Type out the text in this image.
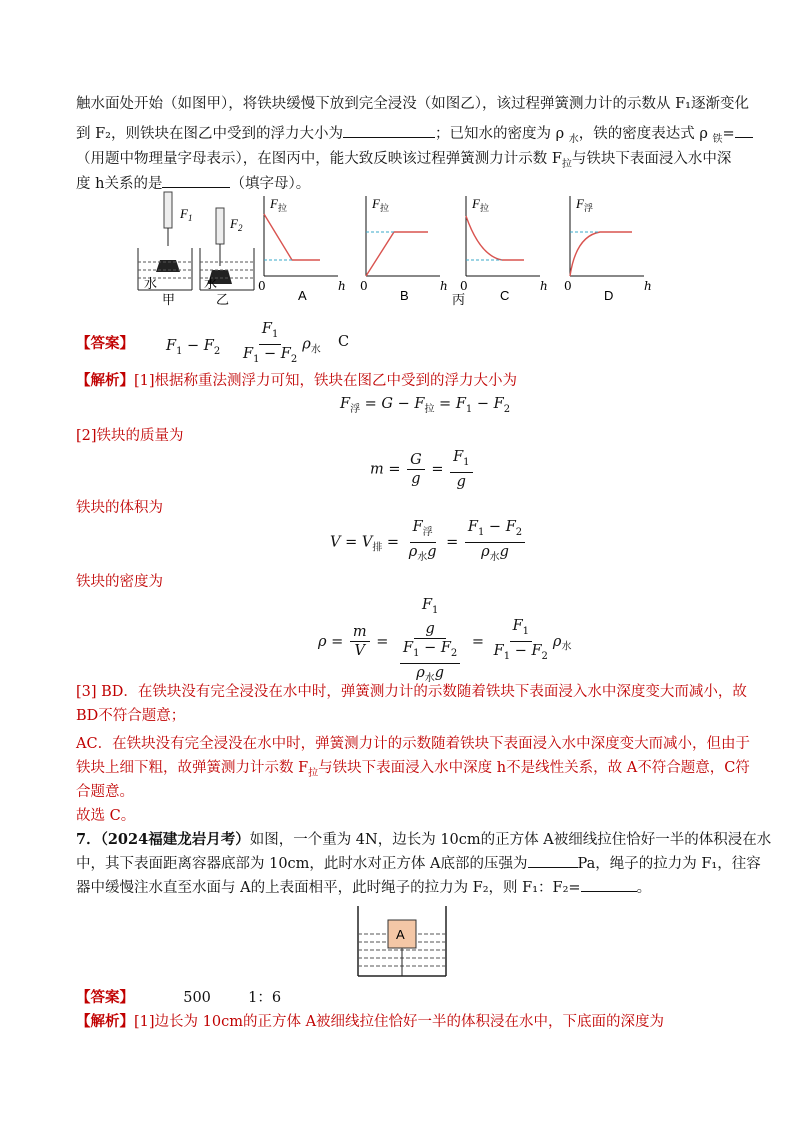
触水面处开始（如图甲），将铁块缓慢下放到完全浸没（如图乙），该过程弹簧测力计的示数从 F₁逐渐变化
到 F₂，则铁块在图乙中受到的浮力大小为	；已知水的密度为 ρ $_水$，铁的密度表达式 ρ $_铁$=
（用题中物理量字母表示），在图丙中，能大致反映该过程弹簧测力计示数 $F_拉$与铁块下表面浸入水中深
度 h关系的是	（填字母）。
$F_1$
水
甲
$F_2$
水
乙
$F_拉$
0	h
A
$F_拉$
0	h
B	丙
$F_拉$
0	h
C
$F_浮$
0	h
D
【答案】	$F_1 - F_2 \frac{F_1}{F_1 - F_2} \rho_水$ C
【解析】[1]根据称重法测浮力可知，铁块在图乙中受到的浮力大小为
$F_浮 = G - F_拉 = F_1 - F_2$
[2]铁块的质量为
$m = \frac{G}{g} = \frac{F_1}{g}$
铁块的体积为
$V = V_排 = \frac{F_浮}{\rho_水g} = \frac{F_1 - F_2}{\rho_水g}$
铁块的密度为
$\rho = \frac{m}{V} = F_1$
g
$\frac{F_1 - F_2}{\rho_水g} = \frac{F_1}{F_1 - F_2} \rho_水$
[3] BD．在铁块没有完全浸没在水中时，弹簧测力计的示数随着铁块下表面浸入水中深度变大而减小，故
BD不符合题意；
AC．在铁块没有完全浸没在水中时，弹簧测力计的示数随着铁块下表面浸入水中深度变大而减小，但由于
铁块上细下粗，故弹簧测力计示数 $F_拉$与铁块下表面浸入水中深度 h不是线性关系，故 A不符合题意，C符
合题意。
故选 C。
7．（2024福建龙岩月考）如图，一个重为 4N，边长为 10cm的正方体 A被细线拉住恰好一半的体积浸在水
中，其下表面距离容器底部为 10cm，此时水对正方体 A底部的压强为	Pa，绳子的拉力为 F₁，往容
器中缓慢注水直至水面与 A的上表面相平，此时绳子的拉力为 F₂，则 F₁：F₂=	。
A
【答案】	500	1：6
【解析】[1]边长为 10cm的正方体 A被细线拉住恰好一半的体积浸在水中，下底面的深度为
